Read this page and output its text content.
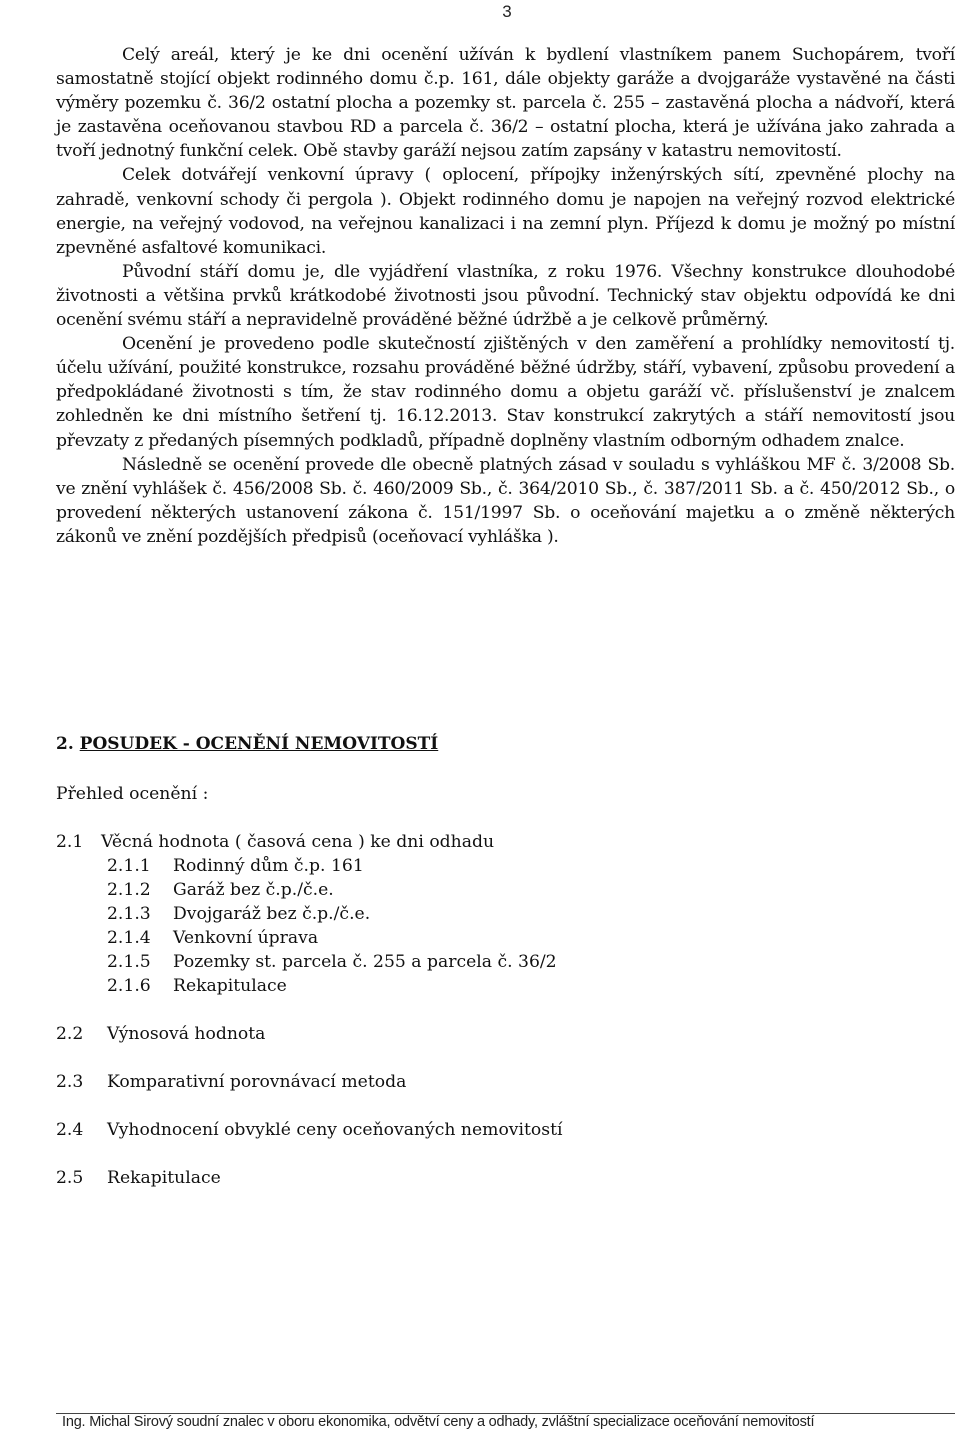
3

Celý areál, který je ke dni ocenění užíván k bydlení vlastníkem panem Suchopárem, tvoří samostatně stojící objekt rodinného domu č.p. 161, dále objekty garáže a dvojgaráže vystavěné na části výměry pozemku č. 36/2 ostatní plocha a pozemky st. parcela č. 255 – zastavěná plocha a nádvoří, která je zastavěna oceňovanou stavbou RD a parcela č. 36/2 – ostatní plocha, která je užívána jako zahrada a tvoří jednotný funkční celek. Obě stavby garáží nejsou zatím zapsány v katastru nemovitostí.

Celek dotvářejí venkovní úpravy ( oplocení, přípojky inženýrských sítí, zpevněné plochy na zahradě, venkovní schody či pergola ). Objekt rodinného domu je napojen na veřejný rozvod elektrické energie, na veřejný vodovod, na veřejnou kanalizaci i na zemní plyn. Příjezd k domu je možný po místní zpevněné asfaltové komunikaci.

Původní stáří domu je, dle vyjádření vlastníka, z roku 1976. Všechny konstrukce dlouhodobé životnosti a většina prvků krátkodobé životnosti jsou původní. Technický stav objektu odpovídá ke dni ocenění svému stáří a nepravidelně prováděné běžné údržbě a je celkově průměrný.

Ocenění je provedeno podle skutečností zjištěných v den zaměření a prohlídky nemovitostí tj. účelu užívání, použité konstrukce, rozsahu prováděné běžné údržby, stáří, vybavení, způsobu provedení a předpokládané životnosti s tím, že stav rodinného domu a objetu garáží vč. příslušenství je znalcem zohledněn ke dni místního šetření tj. 16.12.2013. Stav konstrukcí zakrytých a stáří nemovitostí jsou převzaty z předaných písemných podkladů, případně doplněny vlastním odborným odhadem znalce.

Následně se ocenění provede dle obecně platných zásad v souladu s vyhláškou MF č. 3/2008 Sb. ve znění vyhlášek č. 456/2008 Sb. č. 460/2009 Sb., č. 364/2010 Sb., č. 387/2011 Sb. a č. 450/2012 Sb., o provedení některých ustanovení zákona č. 151/1997 Sb. o oceňování majetku a o změně některých zákonů ve znění pozdějších předpisů (oceňovací vyhláška ).

2. POSUDEK - OCENĚNÍ NEMOVITOSTÍ
Přehled ocenění :
2.1 Věcná hodnota ( časová cena ) ke dni odhadu
2.1.1 Rodinný dům č.p. 161
2.1.2 Garáž bez č.p./č.e.
2.1.3 Dvojgaráž bez č.p./č.e.
2.1.4 Venkovní úprava
2.1.5 Pozemky st. parcela č. 255 a parcela č. 36/2
2.1.6 Rekapitulace
2.2 Výnosová hodnota
2.3 Komparativní porovnávací metoda
2.4 Vyhodnocení obvyklé ceny oceňovaných nemovitostí
2.5 Rekapitulace
Ing. Michal Sirový soudní znalec v oboru ekonomika, odvětví ceny a odhady, zvláštní specializace oceňování nemovitostí
